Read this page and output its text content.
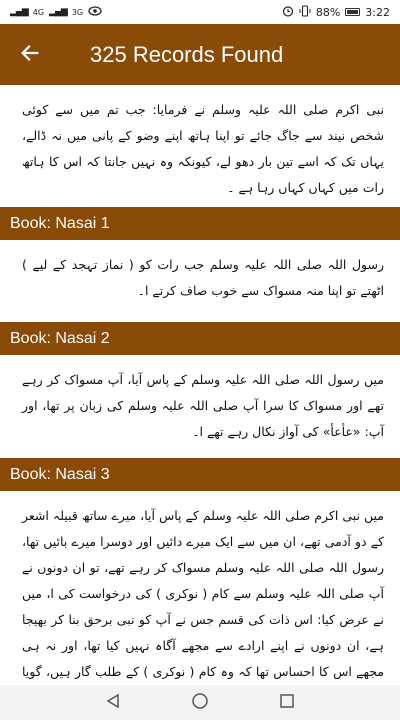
▂▄▆ 4G ▂▄▆ 3G	88% 3:22
325 Records Found
نبی اکرم صلی اللہ علیہ وسلم نے فرمایا: جب تم میں سے کوئی شخص نیند سے جاگ جائے تو اپنا ہاتھ اپنے وضو کے پانی میں نہ ڈالے، یہاں تک کہ اسے تین بار دھو لے، کیونکہ وہ نہیں جانتا کہ اس کا ہاتھ رات میں کہاں کہاں رہا ہے ۔
Book: Nasai 1
رسول اللہ صلی اللہ علیہ وسلم جب رات کو ( نماز تہجد کے لیے ) اٹھتے تو اپنا منہ مسواک سے خوب صاف کرتے ا۔
Book: Nasai 2
میں رسول اللہ صلی اللہ علیہ وسلم کے پاس آیا، آپ مسواک کر رہے تھے اور مسواک کا سرا آپ صلی اللہ علیہ وسلم کی زبان پر تھا، اور آپ: «عأعأ» کی آواز نکال رہے تھے ا۔
Book: Nasai 3
میں نبی اکرم صلی اللہ علیہ وسلم کے پاس آیا، میرے ساتھ قبیلہ اشعر کے دو آدمی تھے، ان میں سے ایک میرے دائیں اور دوسرا میرے بائیں تھا، رسول اللہ صلی اللہ علیہ وسلم مسواک کر رہے تھے، تو ان دونوں نے آپ صلی اللہ علیہ وسلم سے کام ( نوکری ) کی درخواست کی ا، میں نے عرض کیا: اس ذات کی قسم جس نے آپ کو نبی برحق بنا کر بھیجا ہے، ان دونوں نے اپنے ارادے سے مجھے آگاہ نہیں کیا تھا، اور نہ ہی مجھے اس کا احساس تھا کہ وہ کام ( نوکری ) کے طلب گار ہیں، گویا
